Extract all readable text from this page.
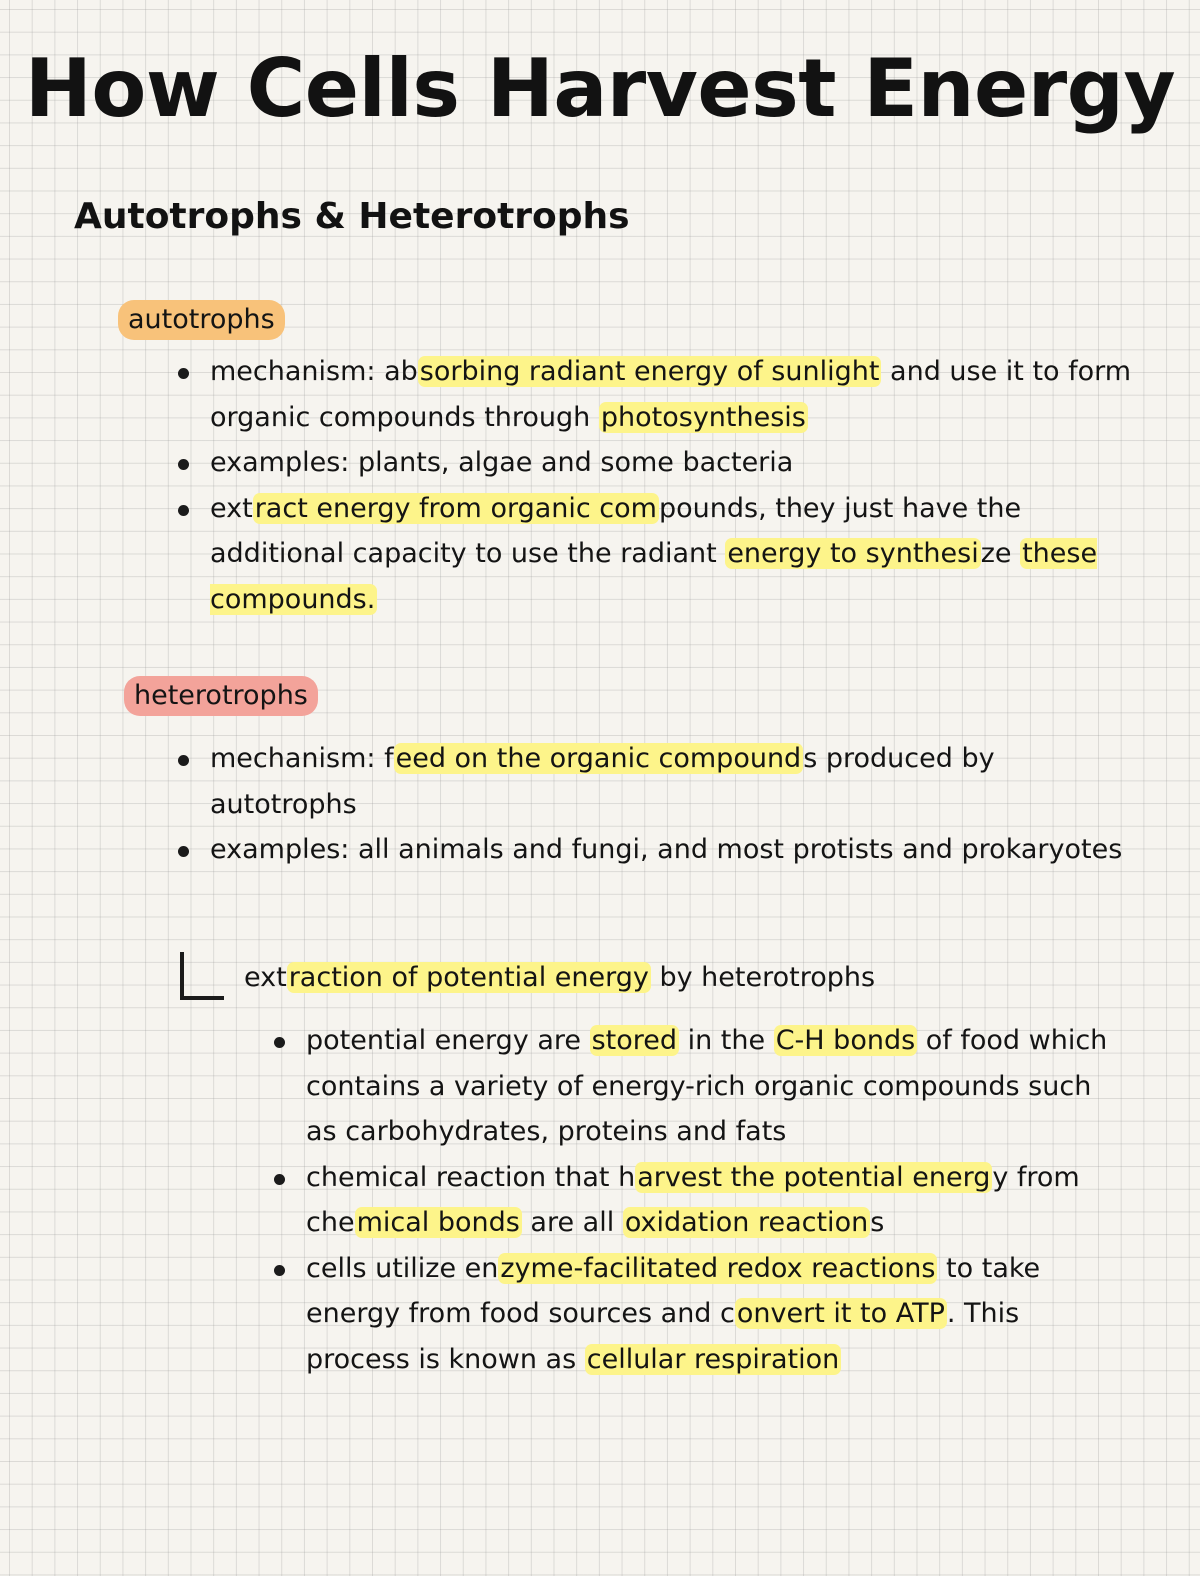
How Cells Harvest Energy
Autotrophs & Heterotrophs
autotrophs
mechanism: absorbing radiant energy of sunlight and use it to form organic compounds through photosynthesis
examples: plants, algae and some bacteria
extract energy from organic compounds, they just have the additional capacity to use the radiant energy to synthesize these compounds.
heterotrophs
mechanism: feed on the organic compounds produced by autotrophs
examples: all animals and fungi, and most protists and prokaryotes
extraction of potential energy by heterotrophs
potential energy are stored in the C-H bonds of food which contains a variety of energy-rich organic compounds such as carbohydrates, proteins and fats
chemical reaction that harvest the potential energy from chemical bonds are all oxidation reactions
cells utilize enzyme-facilitated redox reactions to take energy from food sources and convert it to ATP. This process is known as cellular respiration
